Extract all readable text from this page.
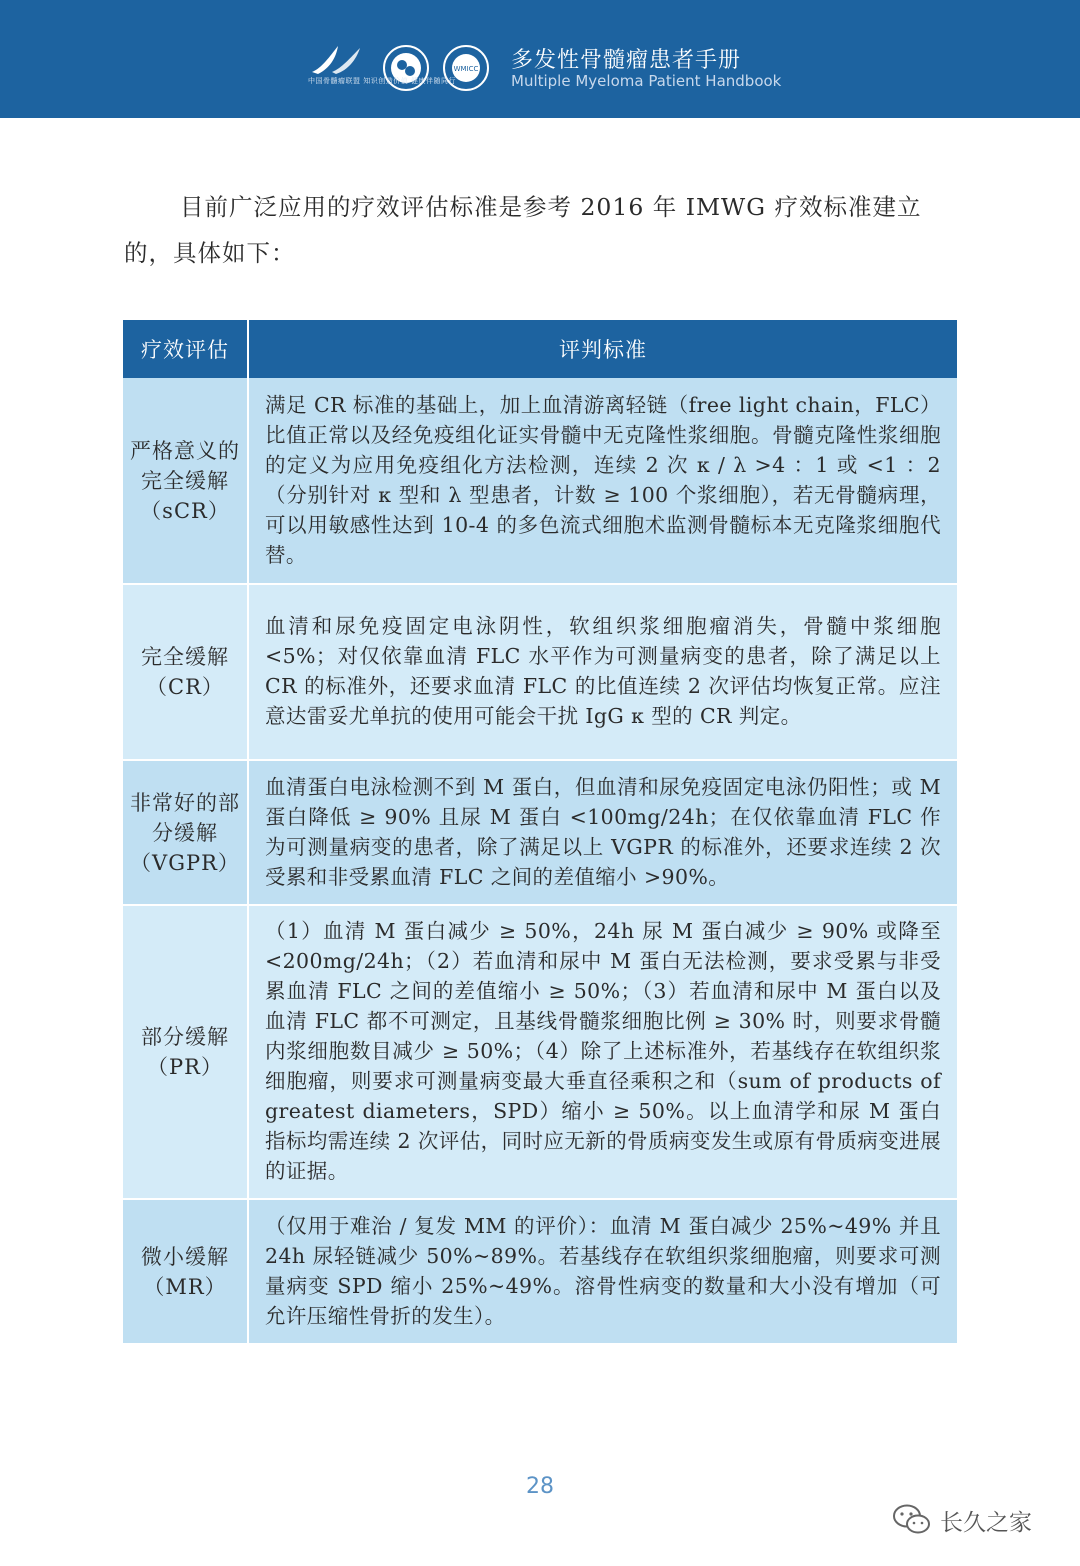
WMICC
中国骨髓瘤联盟 知识创造价值 健康伴随同行
多发性骨髓瘤患者手册
Multiple Myeloma Patient Handbook

目前广泛应用的疗效评估标准是参考 2016 年 IMWG 疗效标准建立的，具体如下：

疗效评估	评判标准
严格意义的完全缓解（sCR）	满足 CR 标准的基础上，加上血清游离轻链（free light chain，FLC）比值正常以及经免疫组化证实骨髓中无克隆性浆细胞。骨髓克隆性浆细胞的定义为应用免疫组化方法检测，连续 2 次 κ / λ >4 ：1 或 <1 ：2（分别针对 κ 型和 λ 型患者，计数 ≥ 100 个浆细胞），若无骨髓病理，可以用敏感性达到 10-4 的多色流式细胞术监测骨髓标本无克隆浆细胞代替。
完全缓解（CR）	血清和尿免疫固定电泳阴性，软组织浆细胞瘤消失，骨髓中浆细胞 <5%；对仅依靠血清 FLC 水平作为可测量病变的患者，除了满足以上 CR 的标准外，还要求血清 FLC 的比值连续 2 次评估均恢复正常。应注意达雷妥尤单抗的使用可能会干扰 IgG κ 型的 CR 判定。
非常好的部分缓解（VGPR）	血清蛋白电泳检测不到 M 蛋白，但血清和尿免疫固定电泳仍阳性；或 M 蛋白降低 ≥ 90% 且尿 M 蛋白 <100mg/24h；在仅依靠血清 FLC 作为可测量病变的患者，除了满足以上 VGPR 的标准外，还要求连续 2 次受累和非受累血清 FLC 之间的差值缩小 >90%。
部分缓解（PR）	（1）血清 M 蛋白减少 ≥ 50%，24h 尿 M 蛋白减少 ≥ 90% 或降至 <200mg/24h；（2）若血清和尿中 M 蛋白无法检测，要求受累与非受累血清 FLC 之间的差值缩小 ≥ 50%；（3）若血清和尿中 M 蛋白以及血清 FLC 都不可测定，且基线骨髓浆细胞比例 ≥ 30% 时，则要求骨髓内浆细胞数目减少 ≥ 50%；（4）除了上述标准外，若基线存在软组织浆细胞瘤，则要求可测量病变最大垂直径乘积之和（sum of products of greatest diameters，SPD）缩小 ≥ 50%。以上血清学和尿 M 蛋白指标均需连续 2 次评估，同时应无新的骨质病变发生或原有骨质病变进展的证据。
微小缓解（MR）	（仅用于难治 / 复发 MM 的评价）：血清 M 蛋白减少 25%~49% 并且 24h 尿轻链减少 50%~89%。若基线存在软组织浆细胞瘤，则要求可测量病变 SPD 缩小 25%~49%。溶骨性病变的数量和大小没有增加（可允许压缩性骨折的发生）。
28
长久之家
